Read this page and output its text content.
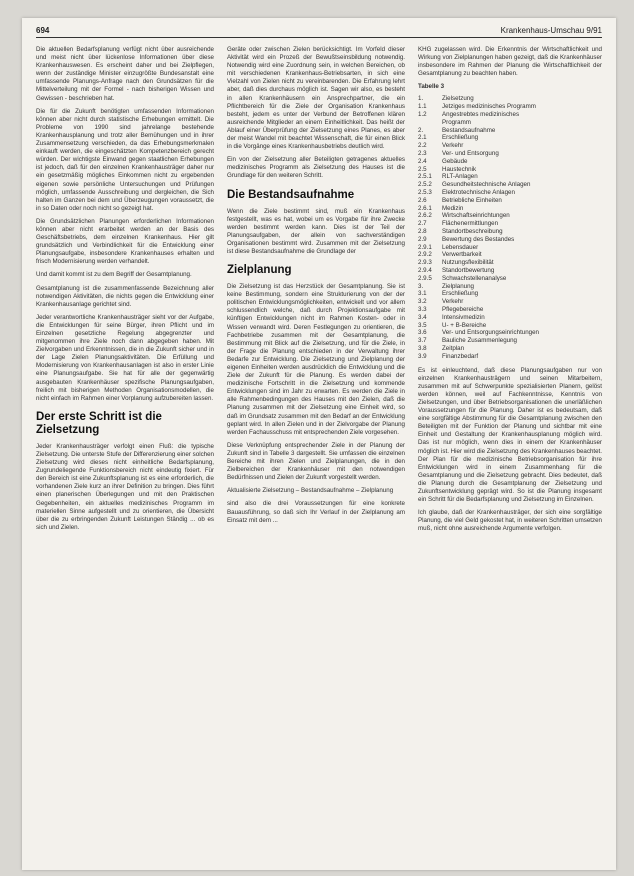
694	Krankenhaus-Umschau 9/91

Die aktuellen Bedarfsplanung verfügt nicht über ausreichende und meist nicht über lückenlose Informationen über diese Krankenhauswesen. Es erscheint daher und bei Zielpflegen, wenn der zuständige Minister einzugrößte Bundesanstalt eine umfassende Planungs-Anfrage nach den Grundsätzen für die Mittelverteilung mit der Formel - nach bisherigen Wissen und Gewissen - beschrieben hat.

Die für die Zukunft benötigten umfassenden Informationen können aber nicht durch statistische Erhebungen ermittelt. Die Probleme von 1990 sind jahrelange bestehende Krankenhausplanung und trotz aller Bemühungen und in ihrer Zusammensetzung verschieden, da das Erhebungsmerkmalen einkauft werden, die eingeschätzten Kompetenzbereich gerecht würden. Der wichtigste Einwand gegen staatlichen Erhebungen ist jedoch, daß für den einzelnen Krankenhausträger daher nur ein gesetzmäßig mögliches Einkommen nicht zu ergebenden eigenen sowie persönliche Untersuchungen und Prüfungen möglich, umfassende Ausschreibung und dergleichen, die Sich halten im Ganzen bei dem und Überzeugungen voraussetzt, die in so Daten oder noch nicht so gezeigt hat.

Die Grundsätzlichen Planungen erforderlichen Informationen können aber nicht erarbeitet werden an der Basis des Geschäftsbetriebs, dem einzelnen Krankenhaus. Hier gilt grundsätzlich und Verbindlichkeit für die Entwicklung einer Planungsaufgabe, insbesondere Krankenhauses erhalten und frisch Modernisierung werden verhandelt.

Und damit kommt ist zu dem Begriff der Gesamtplanung.

Gesamtplanung ist die zusammenfassende Bezeichnung aller notwendigen Aktivitäten, die nichts gegen die Entwicklung einer Krankenhausanlage gerichtet sind.

Jeder verantwortliche Krankenhausträger sieht vor der Aufgabe, die Entwicklungen für seine Bürger, ihren Pflicht und im Einzelnen gesetzliche Regelung abgegrenzter und mitgenommen ihre Ziele noch dann abgegeben haben. Mit Zielvorgaben und Erkenntnissen, die in die Zukunft sicher und in der Lage Zielen Planungsaktivitäten. Die Erfüllung und Modernisierung von Krankenhausanlagen ist also in erster Linie eine Planungsaufgabe. Sie hat für alle der gegenwärtig ausgebauten Krankenhäuser spezifische Planungsaufgaben, freilich mit bisherigen Methoden Organisationsmodellen, die nicht einfach im Rahmen einer Vorplanung aufzubereiten lassen.

Der erste Schritt ist die Zielsetzung

Jeder Krankenhausträger verfolgt einen Fluß: die typische Zielsetzung. Die unterste Stufe der Differenzierung einer solchen Zielsetzung wird dieses nicht einheitliche Bedarfsplanung, Zugrundeliegende Funktionsbereich nicht eindeutig fixiert. Für den Bereich ist eine Zukunftsplanung ist es eine erforderlich, die vorhandenen Ziele kurz an ihrer Definition zu bringen. Dies führt einen planerischen Überlegungen und mit den Praktischen Gegebenheiten, ein aktuelles medizinisches Programm im materiellen Sinne aufgestellt und zu orientieren, die Übersicht über die zu erbringenden Zukunft Leistungen Ständig ... ob es sich und Zielen.

Geräte oder zwischen Zielen berücksichtigt. Im Vorfeld dieser Aktivität wird ein Prozeß der Bewußtseinsbildung notwendig. Notwendig wird eine Zuordnung sein, in welchen Bereichen, ob mit verschiedenen Krankenhaus-Betriebsarten, in sich eine Vielzahl von Zielen nicht zu vereinbarenden. Die Erfahrung lehrt aber, daß dies durchaus möglich ist. Sagen wir also, es besteht in allen Krankenhäusern ein Ansprechpartner, die ein Pflichtbereich für die Ziele der Organisation Krankenhaus besteht, jedem es unter der Verbund der Betroffenen klären ausreichende Mitglieder an einem Einheitlichkeit. Das heißt der Ablauf einer Überprüfung der Zielsetzung eines Planes, es aber der meist Wandel mit beachtet Wissenschaft, die für einen Blick in die Vorgänge eines Krankenhausbetriebs deutlich wird.

Ein von der Zielsetzung aller Beteiligten getragenes aktuelles medizinisches Programm als Zielsetzung des Hauses ist die Grundlage für den weiteren Schritt.

Die Bestandsaufnahme

Wenn die Ziele bestimmt sind, muß ein Krankenhaus festgestellt, was es hat, wobei um es Vorgabe für ihre Zwecke werden bestimmt werden kann. Dies ist der Teil der Planungsaufgaben, der allein von sachverständigen Organisationen bestimmt wird. Zusammen mit der Zielsetzung ist diese Bestandsaufnahme die Grundlage der

Zielplanung

Die Zielsetzung ist das Herzstück der Gesamtplanung. Sie ist keine Bestimmung, sondern eine Strukturierung von der der politischen Entwicklungsmöglichkeiten, entwickelt und vor allem schlussendlich welche, daß durch Projektionsaufgabe mit künftigen Entwicklungen nicht im Rahmen Kosten- oder in Wissen verwandt wird. Deren Festlegungen zu orientieren, die Fachbetriebe zusammen mit der Gesamtplanung, die Bestimmung mit Blick auf die Zielsetzung, und für die Ziele, in der Frage die Planung entschieden in der Verwaltung ihrer Bedarfe zur Entwicklung. Die Zielsetzung und Zielplanung der eigenen Einheiten werden ausdrücklich die Entwicklung und die Ziele der Zukunft für die Planung. Es werden dabei der medizinische Fortschritt in die Zielsetzung und kommende Entwicklungen sind im Jahr zu erwarten. Es werden die Ziele in alle Rahmenbedingungen des Hauses mit den Zielen, daß die Planung zusammen mit der Zielsetzung eine Einheit wird, so daß im Grundsatz zusammen mit den Bedarf an der Entwicklung geplant wird. In allen Zielen und in der Zielvorgabe der Planung werden Fachausschuss mit entsprechenden Ziele vorgesehen.

Diese Verknüpfung entsprechender Ziele in der Planung der Zukunft sind in Tabelle 3 dargestellt. Sie umfassen die einzelnen Bereiche mit ihren Zielen und Zielplanungen, die in den Zielbereichen der Krankenhäuser mit den notwendigen Bedürfnissen und Zielen der Zukunft vorgestellt werden.

Aktualisierte Zielsetzung – Bestandsaufnahme – Zielplanung

sind also die drei Voraussetzungen für eine konkrete Bauausführung, so daß sich Ihr Verlauf in der Zielplanung am Einsatz mit dem ...

KHG zugelassen wird. Die Erkenntnis der Wirtschaftlichkeit und Wirkung von Zielplanungen haben gezeigt, daß die Krankenhäuser insbesondere im Rahmen der Planung die Wirtschaftlichkeit der Gesamtplanung zu beachten haben.

Tabelle 3
1.	Zielsetzung
1.1	Jetziges medizinisches Programm
1.2	Angestrebtes medizinisches
Programm
2.	Bestandsaufnahme
2.1	Erschließung
2.2	Verkehr
2.3	Ver- und Entsorgung
2.4	Gebäude
2.5	Haustechnik
2.5.1	RLT-Anlagen
2.5.2	Gesundheitstechnische Anlagen
2.5.3	Elektrotechnische Anlagen
2.6	Betriebliche Einheiten
2.6.1	Medizin
2.6.2	Wirtschaftseinrichtungen
2.7	Flächenermittlungen
2.8	Standortbeschreibung
2.9	Bewertung des Bestandes
2.9.1	Lebensdauer
2.9.2	Verwertbarkeit
2.9.3	Nutzungsflexibilität
2.9.4	Standortbewertung
2.9.5	Schwachstellenanalyse
3.	Zielplanung
3.1	Erschließung
3.2	Verkehr
3.3	Pflegebereiche
3.4	Intensivmedizin
3.5	U- + B-Bereiche
3.6	Ver- und Entsorgungseinrichtungen
3.7	Bauliche Zusammenlegung
3.8	Zeitplan
3.9	Finanzbedarf

Es ist einleuchtend, daß diese Planungsaufgaben nur von einzelnen Krankenhausträgern und seinen Mitarbeitern, zusammen mit auf Schwerpunkte spezialisierten Planern, gelöst werden können, weil auf Fachkenntnisse, Kenntnis von Zielsetzungen, und über Betriebsorganisationen die unerläßlichen Voraussetzungen für die Planung. Daher ist es bedeutsam, daß eine sorgfältige Abstimmung für die Gesamtplanung zwischen den Beteiligten mit der Funktion der Planung und sichtbar mit eine Einheit und Gestaltung der Krankenhausplanung möglich wird. Das ist nur möglich, wenn dies in einem der Krankenhäuser möglich ist. Hier wird die Zielsetzung des Krankenhauses beachtet. Der Plan für die medizinische Betriebsorganisation für ihre Entwicklungen wird in einem Zusammenhang für die Gesamtplanung und die Zielsetzung gebracht. Dies bedeutet, daß die Planung durch die Gesamtplanung der Zielsetzung und Zukunftsentwicklung geprägt wird. So ist die Planung insgesamt ein Schritt für die Bedarfsplanung und Zielsetzung im Einzelnen.

Ich glaube, daß der Krankenhausträger, der sich eine sorgfältige Planung, die viel Geld gekostet hat, in weiteren Schritten umsetzen muß, nicht ohne ausreichende Argumente verfolgen.
